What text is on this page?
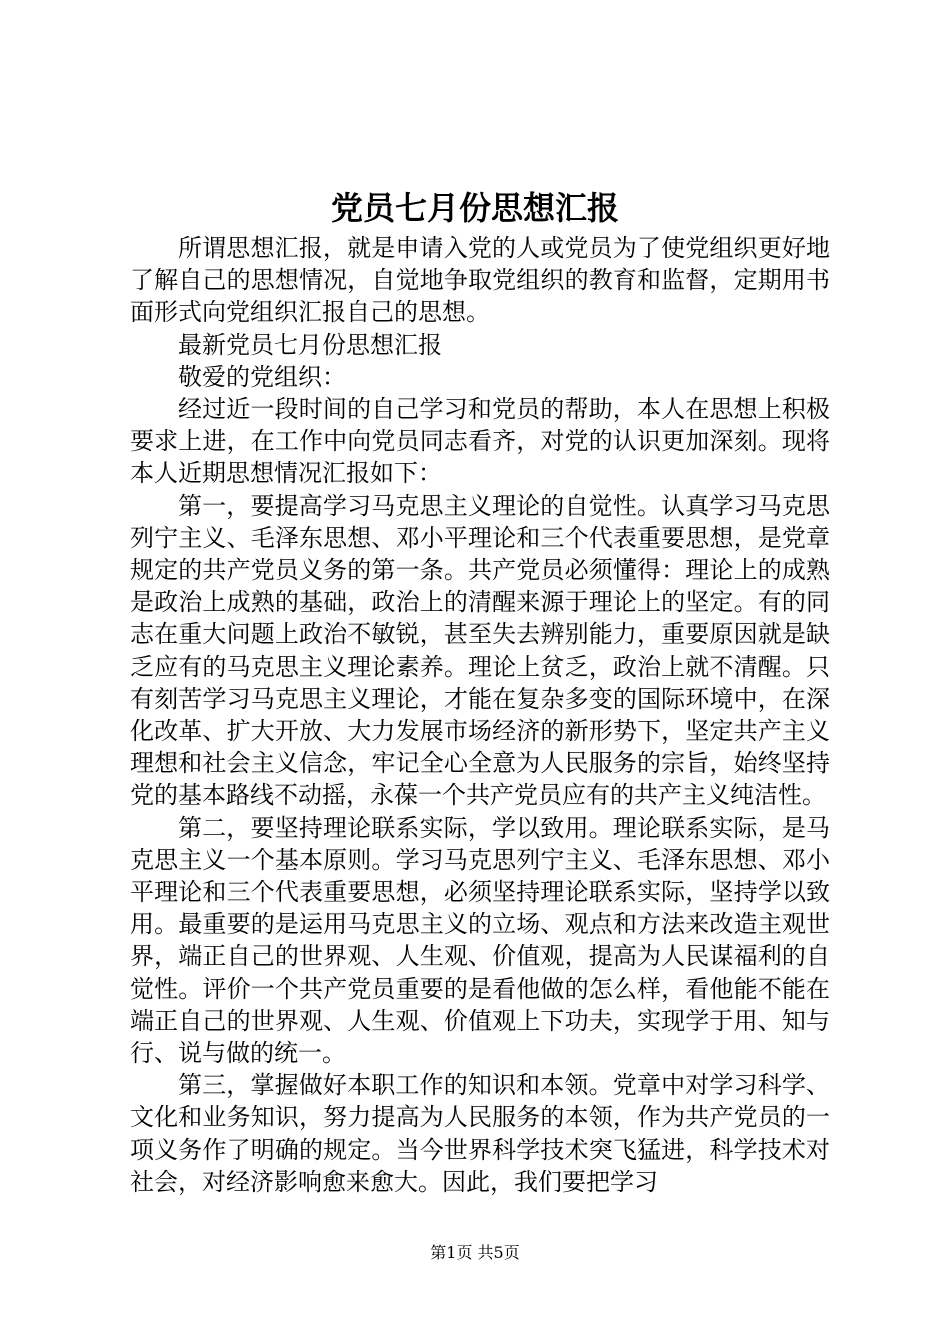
党员七月份思想汇报

所谓思想汇报，就是申请入党的人或党员为了使党组织更好地了解自己的思想情况，自觉地争取党组织的教育和监督，定期用书面形式向党组织汇报自己的思想。

最新党员七月份思想汇报

敬爱的党组织：

经过近一段时间的自己学习和党员的帮助，本人在思想上积极要求上进，在工作中向党员同志看齐，对党的认识更加深刻。现将本人近期思想情况汇报如下：

第一，要提高学习马克思主义理论的自觉性。认真学习马克思列宁主义、毛泽东思想、邓小平理论和三个代表重要思想，是党章规定的共产党员义务的第一条。共产党员必须懂得：理论上的成熟是政治上成熟的基础，政治上的清醒来源于理论上的坚定。有的同志在重大问题上政治不敏锐，甚至失去辨别能力，重要原因就是缺乏应有的马克思主义理论素养。理论上贫乏，政治上就不清醒。只有刻苦学习马克思主义理论，才能在复杂多变的国际环境中，在深化改革、扩大开放、大力发展市场经济的新形势下，坚定共产主义理想和社会主义信念，牢记全心全意为人民服务的宗旨，始终坚持党的基本路线不动摇，永葆一个共产党员应有的共产主义纯洁性。

第二，要坚持理论联系实际，学以致用。理论联系实际，是马克思主义一个基本原则。学习马克思列宁主义、毛泽东思想、邓小平理论和三个代表重要思想，必须坚持理论联系实际，坚持学以致用。最重要的是运用马克思主义的立场、观点和方法来改造主观世界，端正自己的世界观、人生观、价值观，提高为人民谋福利的自觉性。评价一个共产党员重要的是看他做的怎么样，看他能不能在端正自己的世界观、人生观、价值观上下功夫，实现学于用、知与行、说与做的统一。

第三，掌握做好本职工作的知识和本领。党章中对学习科学、文化和业务知识，努力提高为人民服务的本领，作为共产党员的一项义务作了明确的规定。当今世界科学技术突飞猛进，科学技术对社会，对经济影响愈来愈大。因此，我们要把学习

第1页 共5页
